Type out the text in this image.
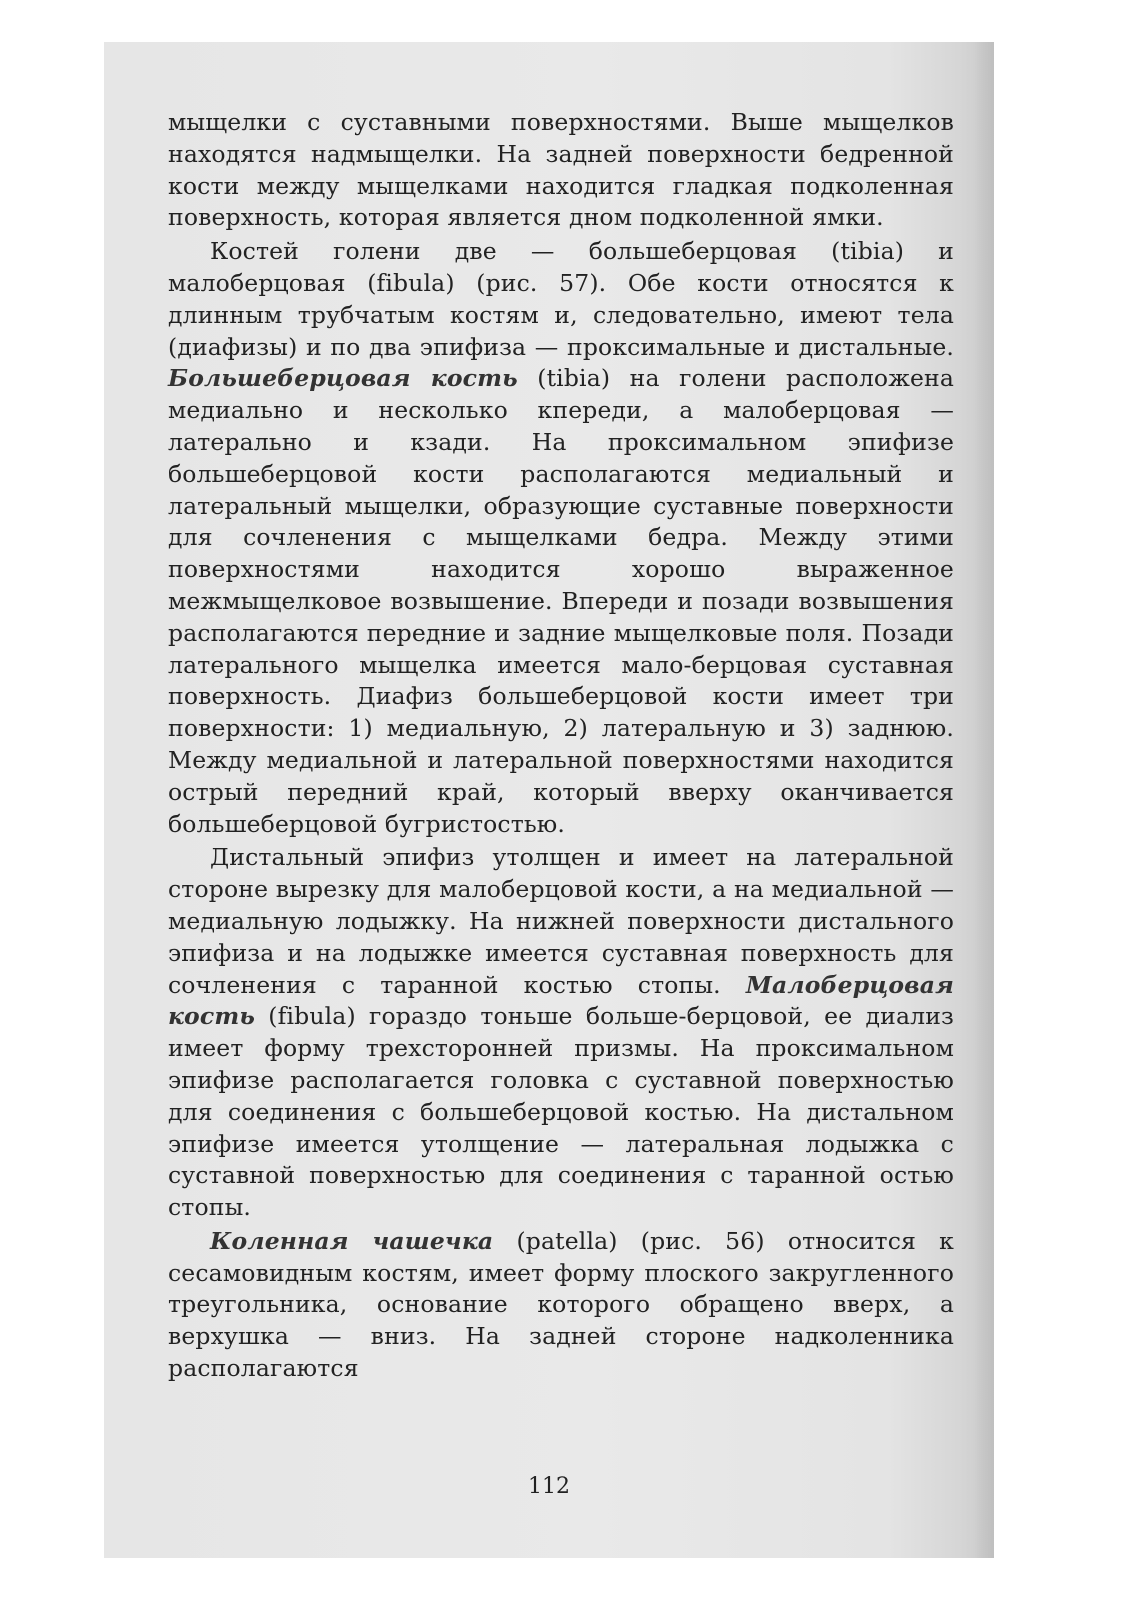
мыщелки с суставными поверхностями. Выше мыщелков находятся надмыщелки. На задней поверхности бедренной кости между мыщелками находится гладкая подколенная поверхность, которая является дном подколенной ямки.

Костей голени две — большеберцовая (tibia) и малоберцовая (fibula) (рис. 57). Обе кости относятся к длинным трубчатым костям и, следовательно, имеют тела (диафизы) и по два эпифиза — проксимальные и дистальные. Большеберцовая кость (tibia) на голени расположена медиально и несколько кпереди, а малоберцовая — латерально и кзади. На проксимальном эпифизе большеберцовой кости располагаются медиальный и латеральный мыщелки, образующие суставные поверхности для сочленения с мыщелками бедра. Между этими поверхностями находится хорошо выраженное межмыщелковое возвышение. Впереди и позади возвышения располагаются передние и задние мыщелковые поля. Позади латерального мыщелка имеется мало-берцовая суставная поверхность. Диафиз большеберцовой кости имеет три поверхности: 1) медиальную, 2) латеральную и 3) заднюю. Между медиальной и латеральной поверхностями находится острый передний край, который вверху оканчивается большеберцовой бугристостью.

Дистальный эпифиз утолщен и имеет на латеральной стороне вырезку для малоберцовой кости, а на медиальной — медиальную лодыжку. На нижней поверхности дистального эпифиза и на лодыжке имеется суставная поверхность для сочленения с таранной костью стопы. Малоберцовая кость (fibula) гораздо тоньше больше-берцовой, ее диализ имеет форму трехсторонней призмы. На проксимальном эпифизе располагается головка с суставной поверхностью для соединения с большеберцовой костью. На дистальном эпифизе имеется утолщение — латеральная лодыжка с суставной поверхностью для соединения с таранной остью стопы.

Коленная чашечка (patella) (рис. 56) относится к сесамовидным костям, имеет форму плоского закругленного треугольника, основание которого обращено вверх, а верхушка — вниз. На задней стороне надколенника располагаются

112
